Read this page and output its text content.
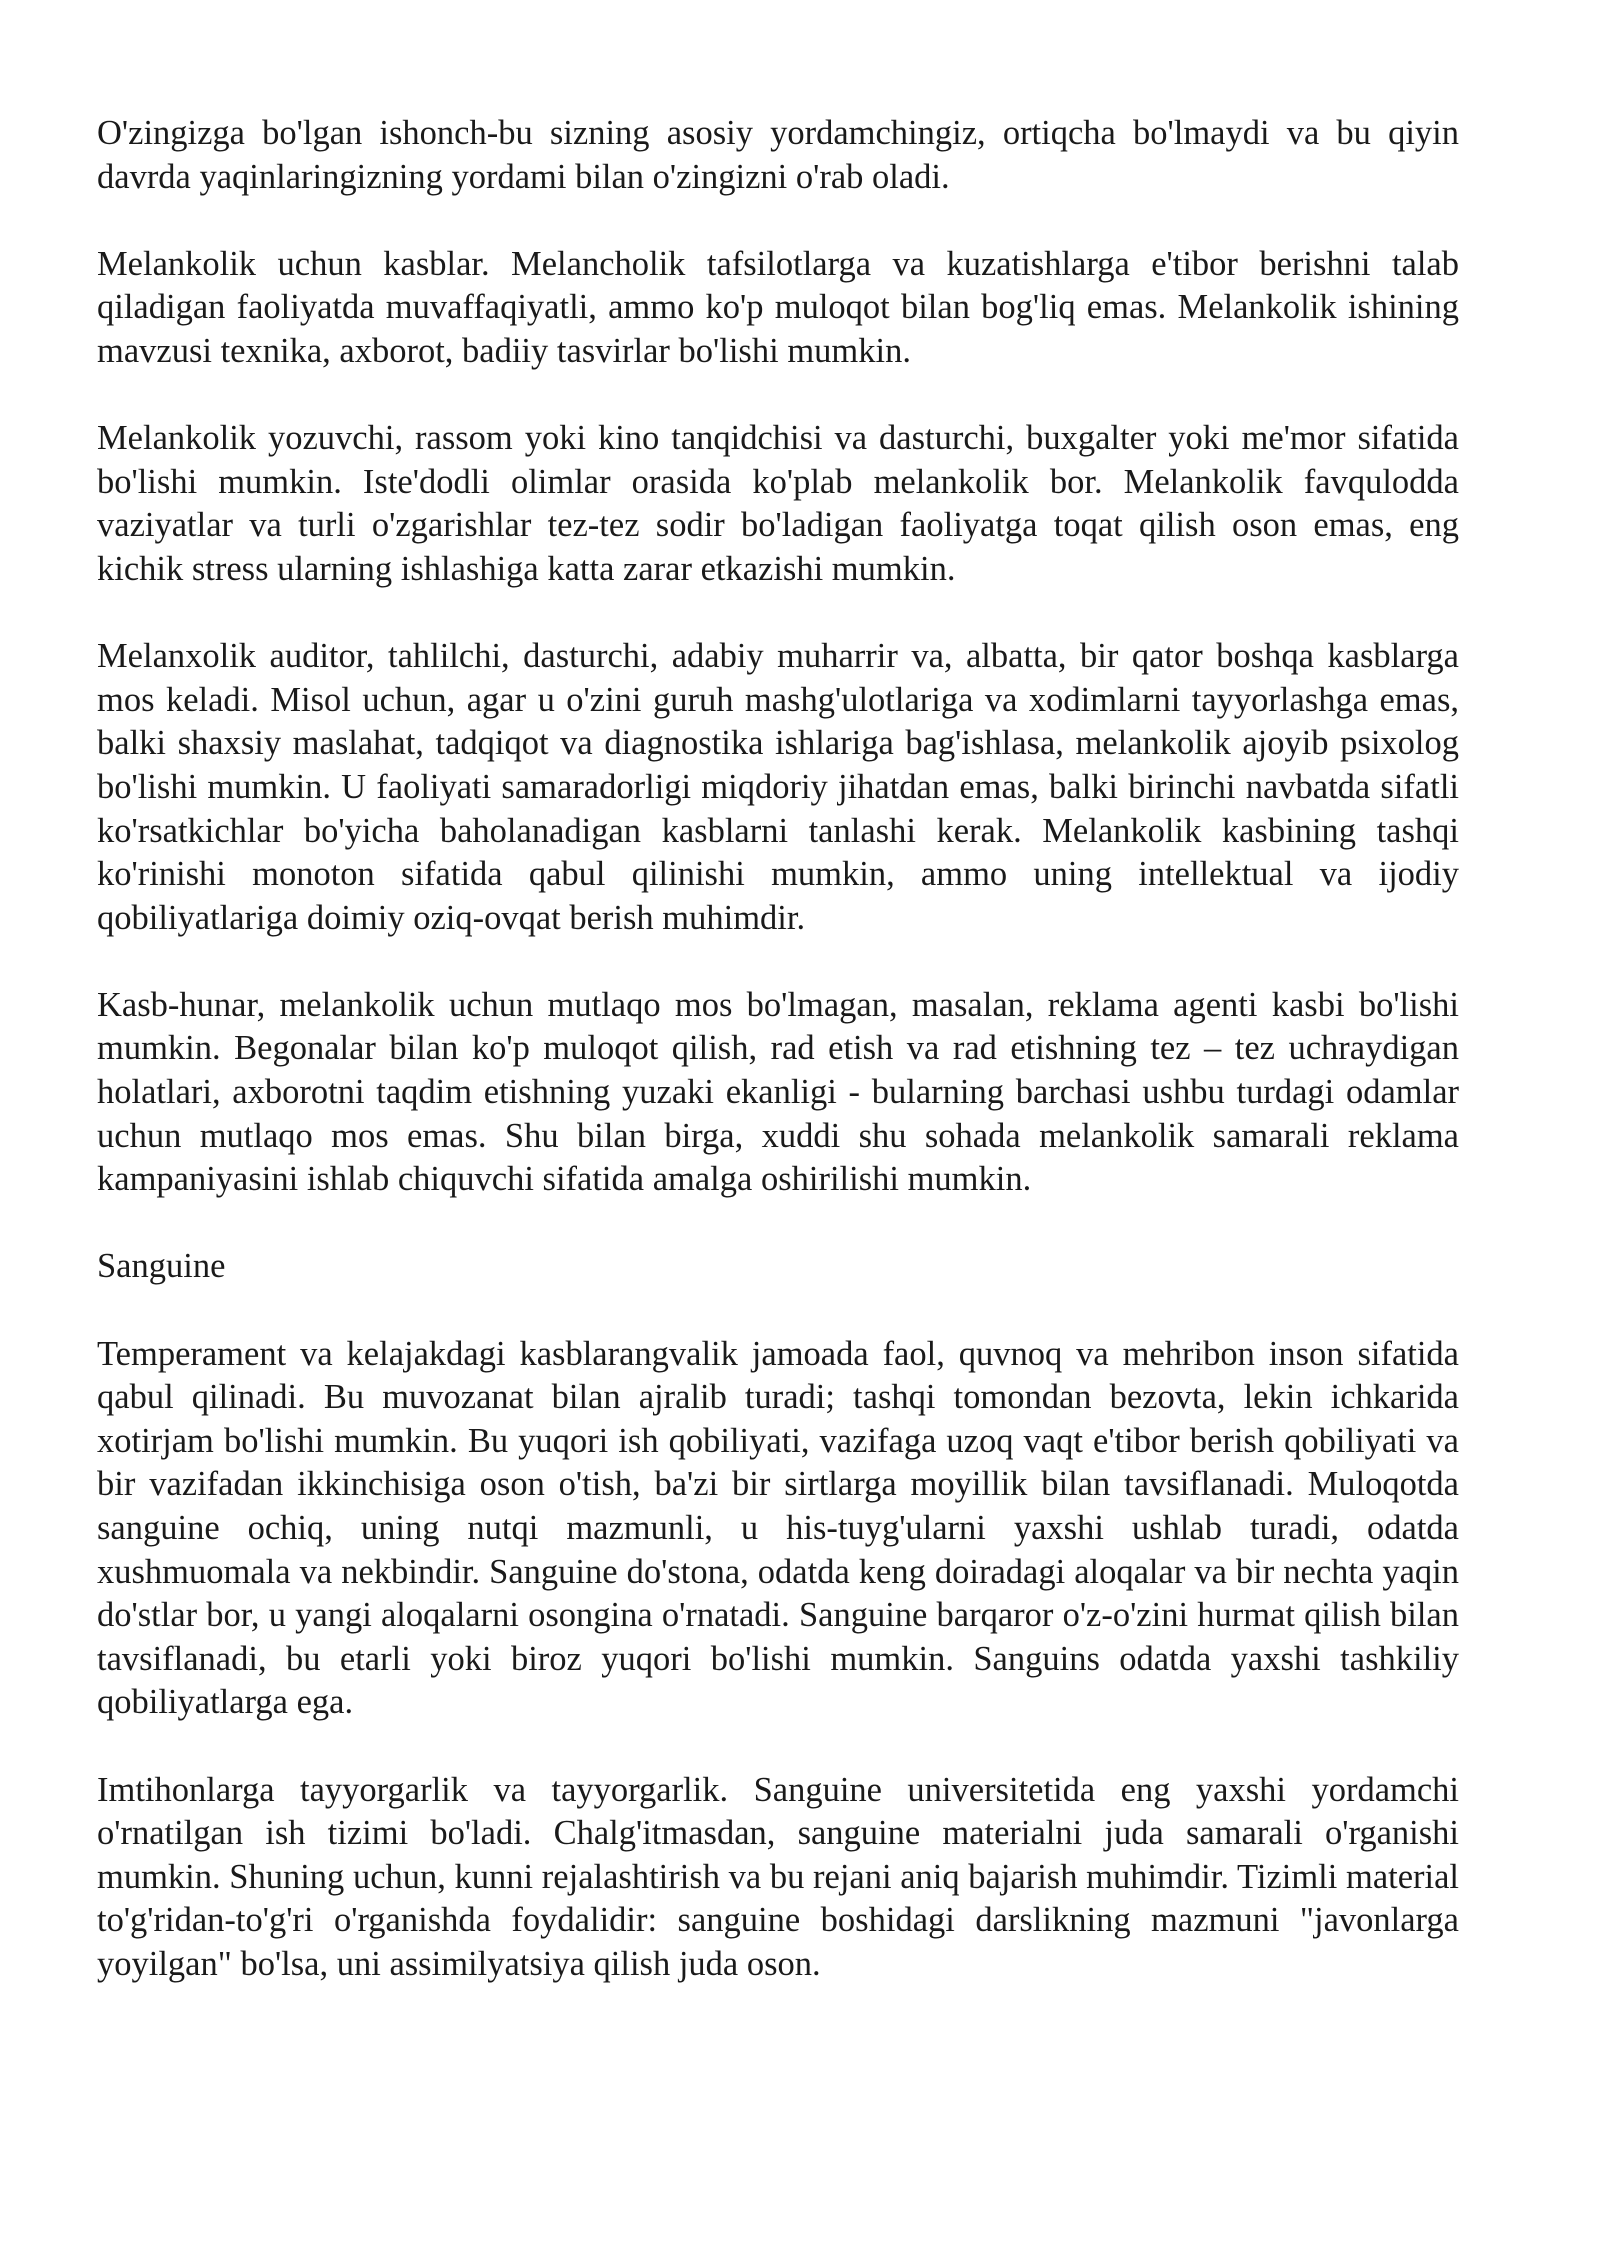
O'zingizga bo'lgan ishonch-bu sizning asosiy yordamchingiz, ortiqcha bo'lmaydi va bu qiyin davrda yaqinlaringizning yordami bilan o'zingizni o'rab oladi.

Melankolik uchun kasblar. Melancholik tafsilotlarga va kuzatishlarga e'tibor berishni talab qiladigan faoliyatda muvaffaqiyatli, ammo ko'p muloqot bilan bog'liq emas. Melankolik ishining mavzusi texnika, axborot, badiiy tasvirlar bo'lishi mumkin.

Melankolik yozuvchi, rassom yoki kino tanqidchisi va dasturchi, buxgalter yoki me'mor sifatida bo'lishi mumkin. Iste'dodli olimlar orasida ko'plab melankolik bor. Melankolik favqulodda vaziyatlar va turli o'zgarishlar tez-tez sodir bo'ladigan faoliyatga toqat qilish oson emas, eng kichik stress ularning ishlashiga katta zarar etkazishi mumkin.

Melanxolik auditor, tahlilchi, dasturchi, adabiy muharrir va, albatta, bir qator boshqa kasblarga mos keladi. Misol uchun, agar u o'zini guruh mashg'ulotlariga va xodimlarni tayyorlashga emas, balki shaxsiy maslahat, tadqiqot va diagnostika ishlariga bag'ishlasa, melankolik ajoyib psixolog bo'lishi mumkin. U faoliyati samaradorligi miqdoriy jihatdan emas, balki birinchi navbatda sifatli ko'rsatkichlar bo'yicha baholanadigan kasblarni tanlashi kerak. Melankolik kasbining tashqi ko'rinishi monoton sifatida qabul qilinishi mumkin, ammo uning intellektual va ijodiy qobiliyatlariga doimiy oziq-ovqat berish muhimdir.

Kasb-hunar, melankolik uchun mutlaqo mos bo'lmagan, masalan, reklama agenti kasbi bo'lishi mumkin. Begonalar bilan ko'p muloqot qilish, rad etish va rad etishning tez – tez uchraydigan holatlari, axborotni taqdim etishning yuzaki ekanligi - bularning barchasi ushbu turdagi odamlar uchun mutlaqo mos emas. Shu bilan birga, xuddi shu sohada melankolik samarali reklama kampaniyasini ishlab chiquvchi sifatida amalga oshirilishi mumkin.

Sanguine

Temperament va kelajakdagi kasblarangvalik jamoada faol, quvnoq va mehribon inson sifatida qabul qilinadi. Bu muvozanat bilan ajralib turadi; tashqi tomondan bezovta, lekin ichkarida xotirjam bo'lishi mumkin. Bu yuqori ish qobiliyati, vazifaga uzoq vaqt e'tibor berish qobiliyati va bir vazifadan ikkinchisiga oson o'tish, ba'zi bir sirtlarga moyillik bilan tavsiflanadi. Muloqotda sanguine ochiq, uning nutqi mazmunli, u his-tuyg'ularni yaxshi ushlab turadi, odatda xushmuomala va nekbindir. Sanguine do'stona, odatda keng doiradagi aloqalar va bir nechta yaqin do'stlar bor, u yangi aloqalarni osongina o'rnatadi. Sanguine barqaror o'z-o'zini hurmat qilish bilan tavsiflanadi, bu etarli yoki biroz yuqori bo'lishi mumkin. Sanguins odatda yaxshi tashkiliy qobiliyatlarga ega.

Imtihonlarga tayyorgarlik va tayyorgarlik. Sanguine universitetida eng yaxshi yordamchi o'rnatilgan ish tizimi bo'ladi. Chalg'itmasdan, sanguine materialni juda samarali o'rganishi mumkin. Shuning uchun, kunni rejalashtirish va bu rejani aniq bajarish muhimdir. Tizimli material to'g'ridan-to'g'ri o'rganishda foydalidir: sanguine boshidagi darslikning mazmuni "javonlarga yoyilgan" bo'lsa, uni assimilyatsiya qilish juda oson.
